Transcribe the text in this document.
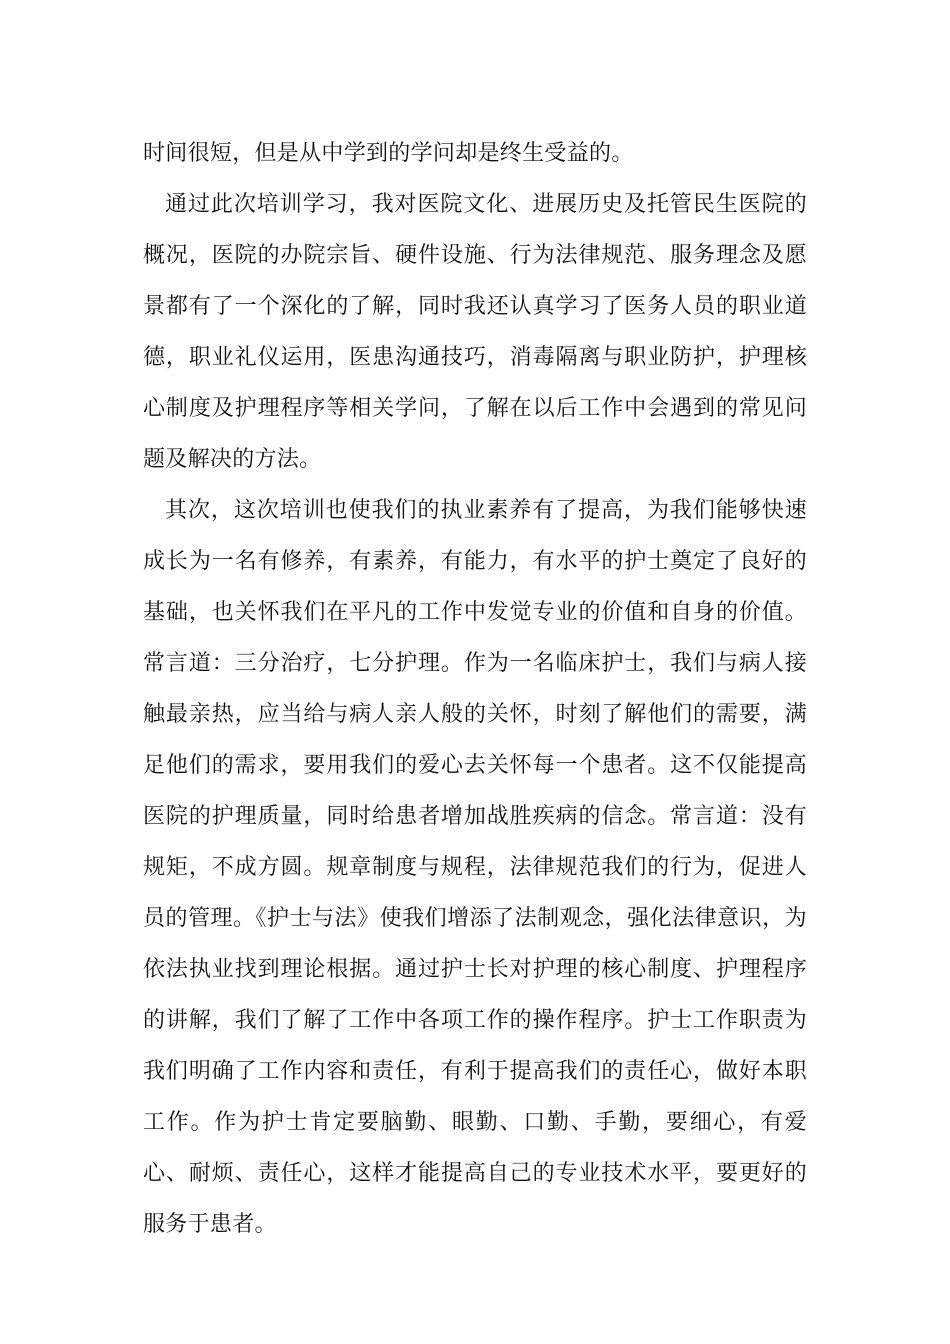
时间很短，但是从中学到的学问却是终生受益的。

通过此次培训学习，我对医院文化、进展历史及托管民生医院的概况，医院的办院宗旨、硬件设施、行为法律规范、服务理念及愿景都有了一个深化的了解，同时我还认真学习了医务人员的职业道德，职业礼仪运用，医患沟通技巧，消毒隔离与职业防护，护理核心制度及护理程序等相关学问，了解在以后工作中会遇到的常见问题及解决的方法。

其次，这次培训也使我们的执业素养有了提高，为我们能够快速成长为一名有修养，有素养，有能力，有水平的护士奠定了良好的基础，也关怀我们在平凡的工作中发觉专业的价值和自身的价值。常言道：三分治疗，七分护理。作为一名临床护士，我们与病人接触最亲热，应当给与病人亲人般的关怀，时刻了解他们的需要，满足他们的需求，要用我们的爱心去关怀每一个患者。这不仅能提高医院的护理质量，同时给患者增加战胜疾病的信念。常言道：没有规矩，不成方圆。规章制度与规程，法律规范我们的行为，促进人员的管理。《护士与法》使我们增添了法制观念，强化法律意识，为依法执业找到理论根据。通过护士长对护理的核心制度、护理程序的讲解，我们了解了工作中各项工作的操作程序。护士工作职责为我们明确了工作内容和责任，有利于提高我们的责任心，做好本职工作。作为护士肯定要脑勤、眼勤、口勤、手勤，要细心，有爱心、耐烦、责任心，这样才能提高自己的专业技术水平，要更好的服务于患者。
